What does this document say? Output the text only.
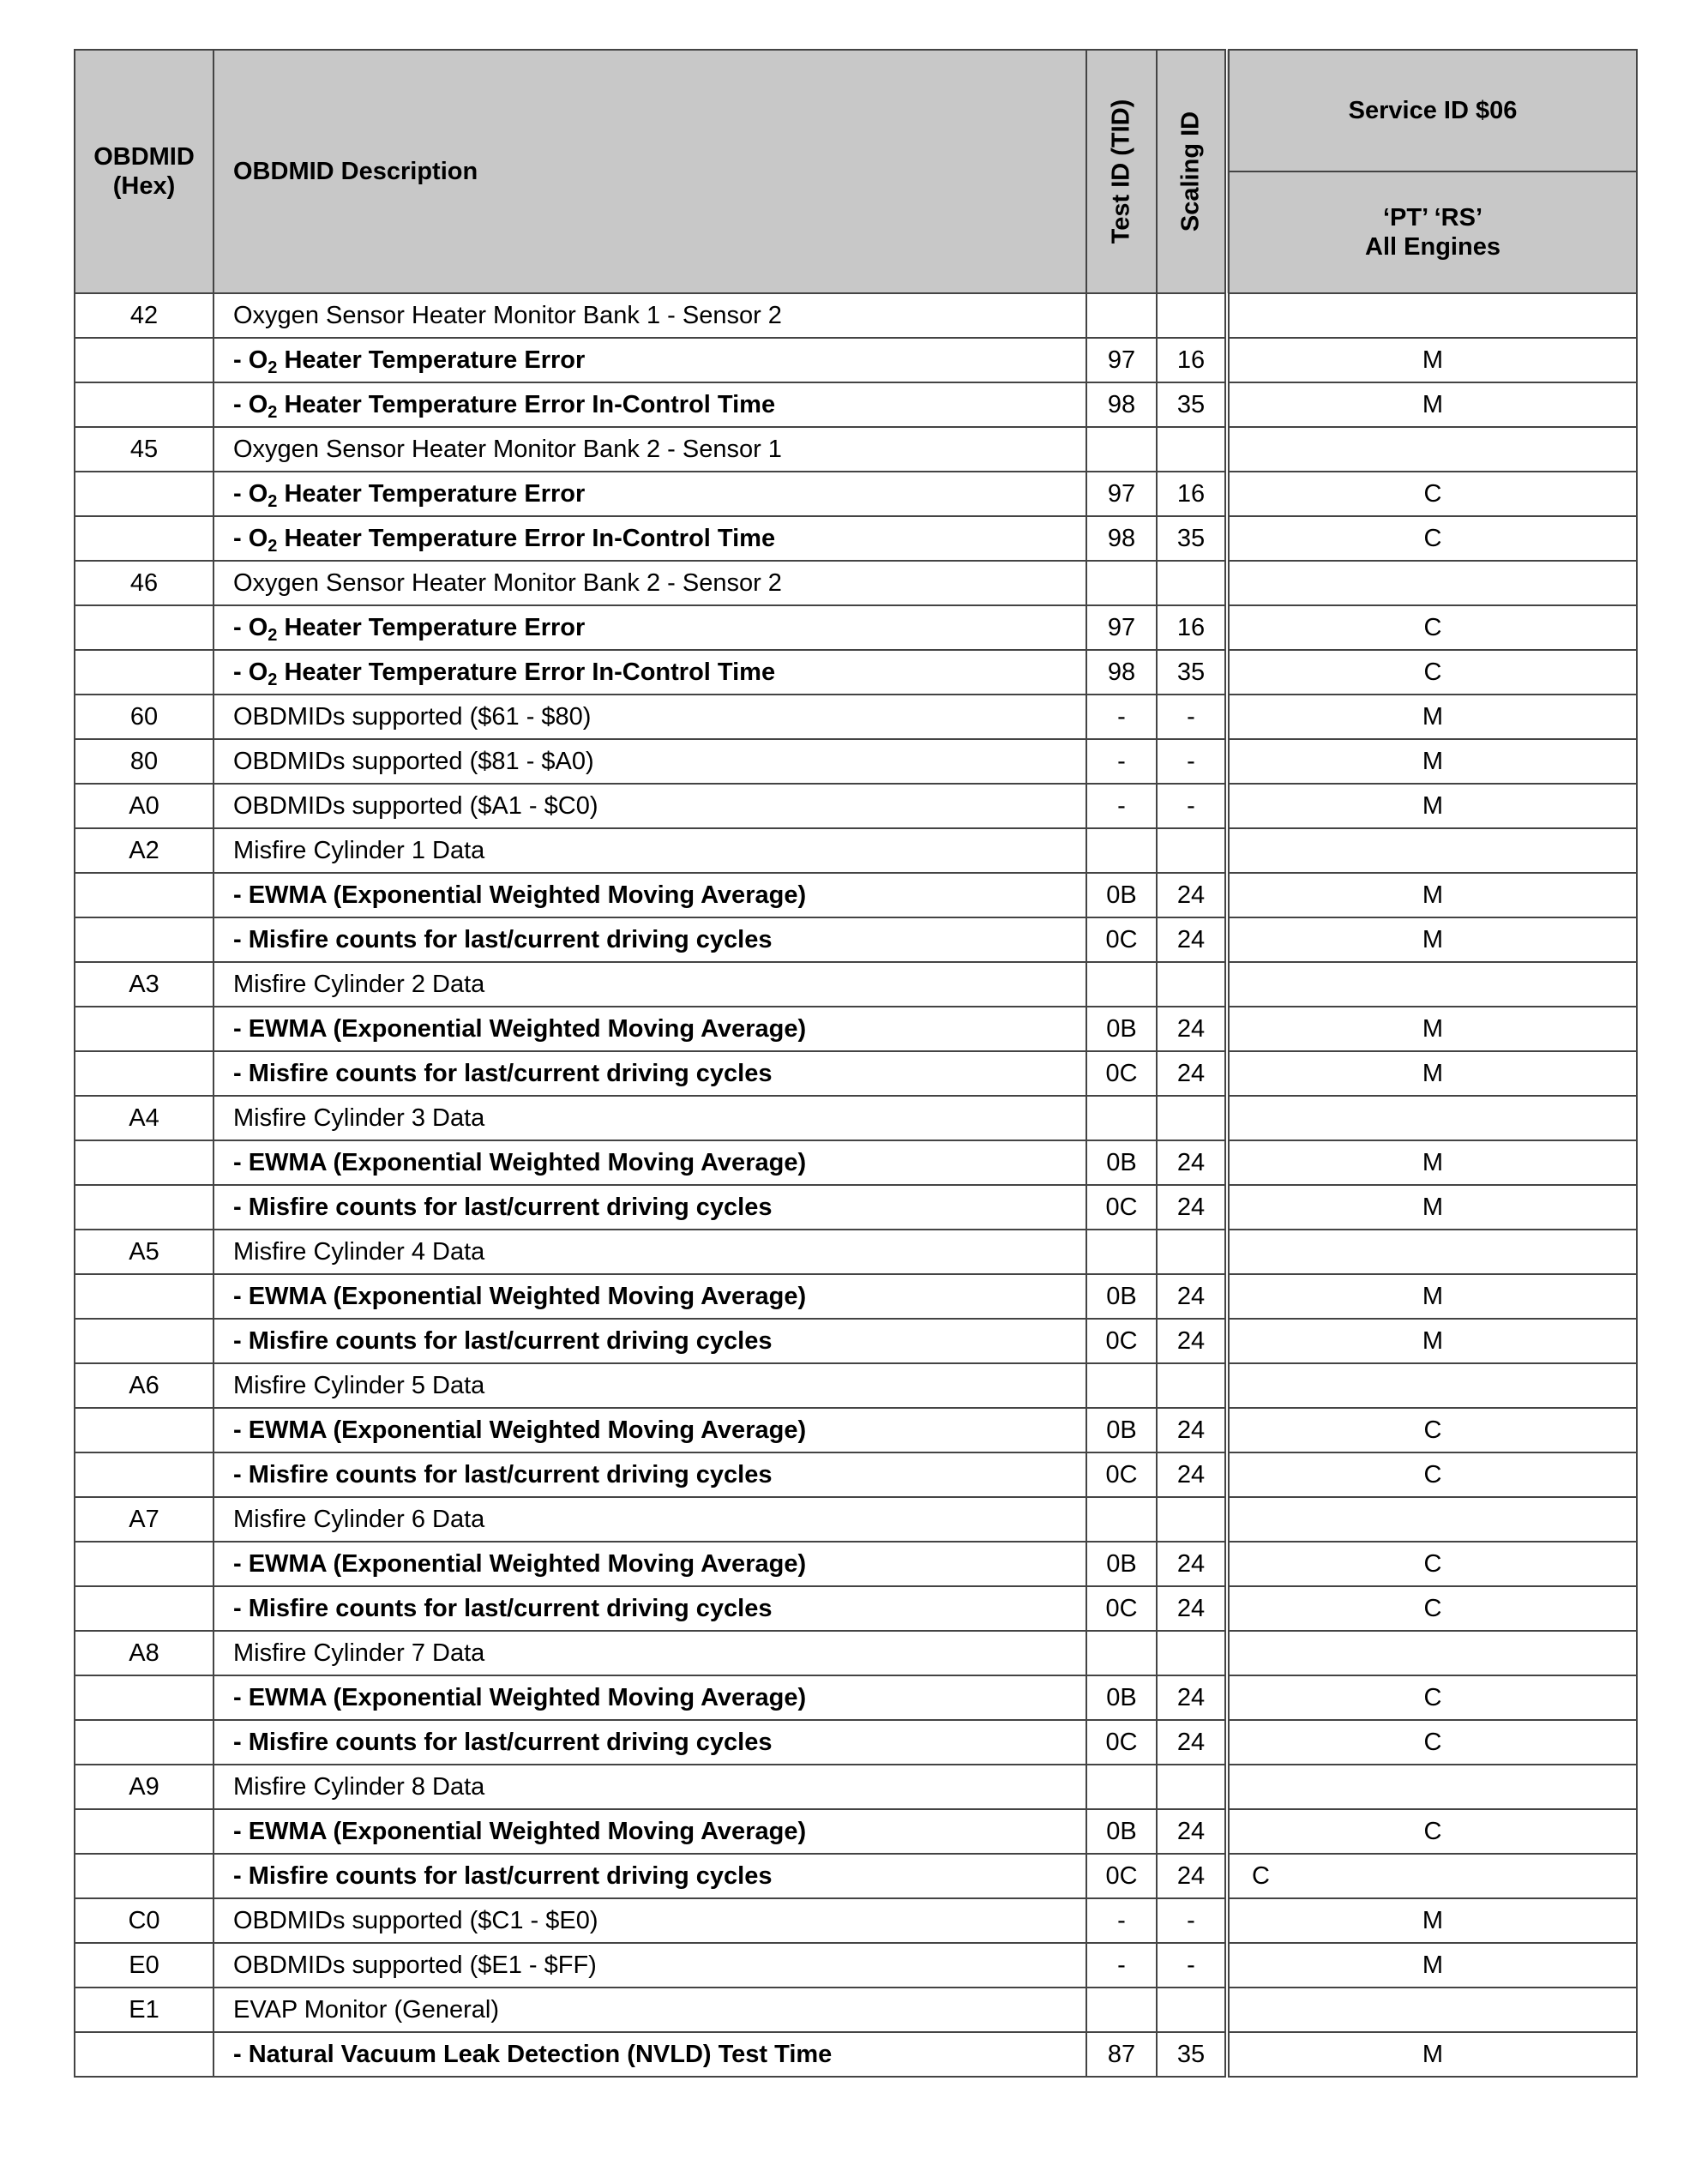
OBDMID
(Hex)	OBDMID Description	Test ID (TID)	Scaling ID	Service ID $06

				‘PT’ ‘RS’
All Engines

42	Oxygen Sensor Heater Monitor Bank 1 - Sensor 2			
	- $O_2$ Heater Temperature Error	97	16	M
	- $O_2$ Heater Temperature Error In-Control Time	98	35	M
45	Oxygen Sensor Heater Monitor Bank 2 - Sensor 1			
	- $O_2$ Heater Temperature Error	97	16	C
	- $O_2$ Heater Temperature Error In-Control Time	98	35	C
46	Oxygen Sensor Heater Monitor Bank 2 - Sensor 2			
	- $O_2$ Heater Temperature Error	97	16	C
	- $O_2$ Heater Temperature Error In-Control Time	98	35	C
60	OBDMIDs supported ($61 - $80)	-	-	M
80	OBDMIDs supported ($81 - $A0)	-	-	M
A0	OBDMIDs supported ($A1 - $C0)	-	-	M
A2	Misfire Cylinder 1 Data			
	- EWMA (Exponential Weighted Moving Average)	0B	24	M
	- Misfire counts for last/current driving cycles	0C	24	M
A3	Misfire Cylinder 2 Data			
	- EWMA (Exponential Weighted Moving Average)	0B	24	M
	- Misfire counts for last/current driving cycles	0C	24	M
A4	Misfire Cylinder 3 Data			
	- EWMA (Exponential Weighted Moving Average)	0B	24	M
	- Misfire counts for last/current driving cycles	0C	24	M
A5	Misfire Cylinder 4 Data			
	- EWMA (Exponential Weighted Moving Average)	0B	24	M
	- Misfire counts for last/current driving cycles	0C	24	M
A6	Misfire Cylinder 5 Data			
	- EWMA (Exponential Weighted Moving Average)	0B	24	C
	- Misfire counts for last/current driving cycles	0C	24	C
A7	Misfire Cylinder 6 Data			
	- EWMA (Exponential Weighted Moving Average)	0B	24	C
	- Misfire counts for last/current driving cycles	0C	24	C
A8	Misfire Cylinder 7 Data			
	- EWMA (Exponential Weighted Moving Average)	0B	24	C
	- Misfire counts for last/current driving cycles	0C	24	C
A9	Misfire Cylinder 8 Data			
	- EWMA (Exponential Weighted Moving Average)	0B	24	C
	- Misfire counts for last/current driving cycles	0C	24	C
C0	OBDMIDs supported ($C1 - $E0)	-	-	M
E0	OBDMIDs supported ($E1 - $FF)	-	-	M
E1	EVAP Monitor (General)			
	- Natural Vacuum Leak Detection (NVLD) Test Time	87	35	M
